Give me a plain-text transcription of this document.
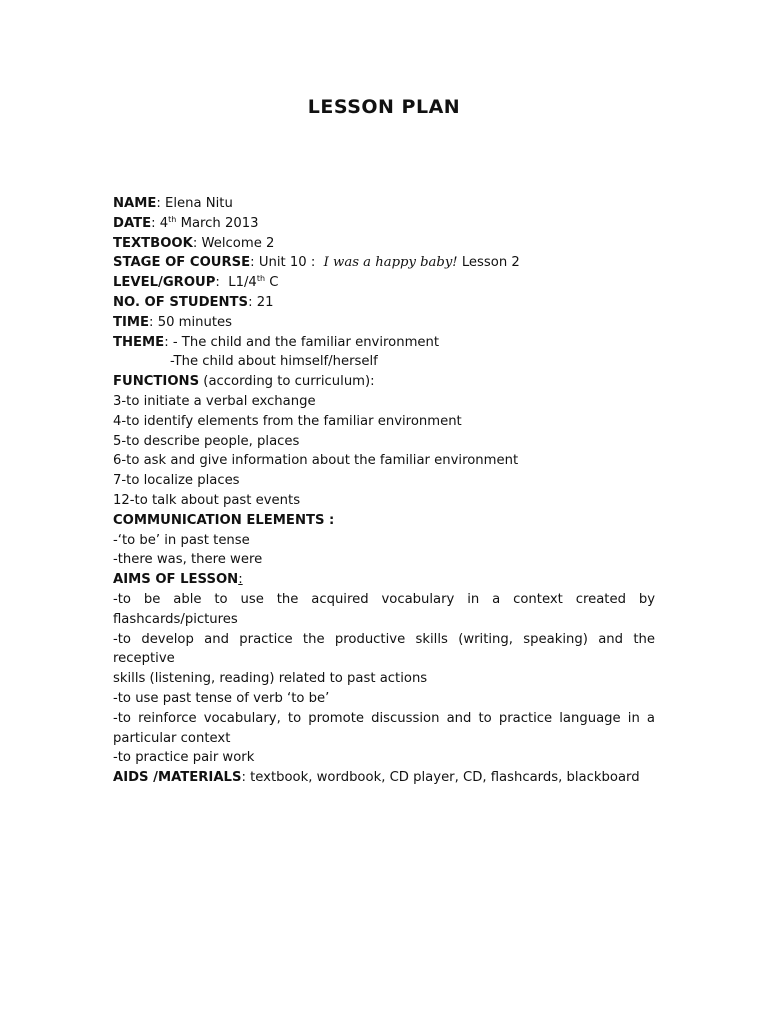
LESSON PLAN
NAME: Elena Nitu
DATE: 4th March 2013
TEXTBOOK: Welcome 2
STAGE OF COURSE: Unit 10 : I was a happy baby! Lesson 2
LEVEL/GROUP:  L1/4th C
NO. OF STUDENTS: 21
TIME: 50 minutes
THEME: - The child and the familiar environment
-The child about himself/herself
FUNCTIONS (according to curriculum):
3-to initiate a verbal exchange
4-to identify elements from the familiar environment
5-to describe people, places
6-to ask and give information about the familiar environment
7-to localize places
12-to talk about past events
COMMUNICATION ELEMENTS :
-‘to be’ in past tense
-there was, there were
AIMS OF LESSON:
-to be able to use the acquired vocabulary in a context created by
flashcards/pictures
-to develop and practice the productive skills (writing, speaking) and the receptive
skills (listening, reading) related to past actions
-to use past tense of verb ‘to be’
-to reinforce vocabulary, to promote discussion and to practice language in a
particular context
-to practice pair work
AIDS /MATERIALS: textbook, wordbook, CD player, CD, flashcards, blackboard
